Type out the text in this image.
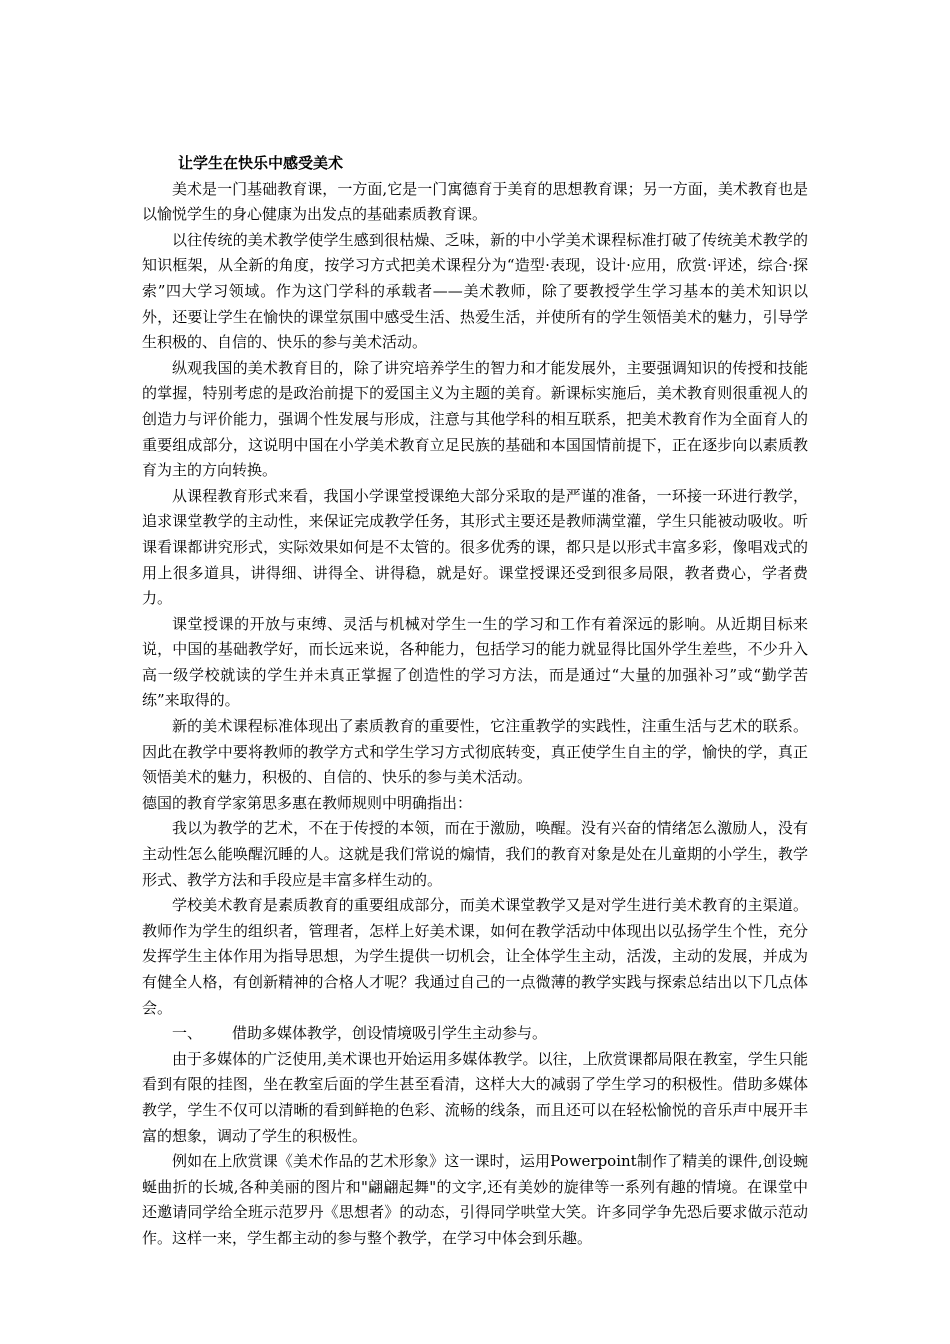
让学生在快乐中感受美术

美术是一门基础教育课，一方面,它是一门寓德育于美育的思想教育课；另一方面，美术教育也是以愉悦学生的身心健康为出发点的基础素质教育课。

以往传统的美术教学使学生感到很枯燥、乏味，新的中小学美术课程标准打破了传统美术教学的知识框架，从全新的角度，按学习方式把美术课程分为“造型·表现，设计·应用，欣赏·评述，综合·探索”四大学习领域。作为这门学科的承载者——美术教师，除了要教授学生学习基本的美术知识以外，还要让学生在愉快的课堂氛围中感受生活、热爱生活，并使所有的学生领悟美术的魅力，引导学生积极的、自信的、快乐的参与美术活动。

纵观我国的美术教育目的，除了讲究培养学生的智力和才能发展外，主要强调知识的传授和技能的掌握，特别考虑的是政治前提下的爱国主义为主题的美育。新课标实施后，美术教育则很重视人的创造力与评价能力，强调个性发展与形成，注意与其他学科的相互联系，把美术教育作为全面育人的重要组成部分，这说明中国在小学美术教育立足民族的基础和本国国情前提下，正在逐步向以素质教育为主的方向转换。

从课程教育形式来看，我国小学课堂授课绝大部分采取的是严谨的准备，一环接一环进行教学，追求课堂教学的主动性，来保证完成教学任务，其形式主要还是教师满堂灌，学生只能被动吸收。听课看课都讲究形式，实际效果如何是不太管的。很多优秀的课，都只是以形式丰富多彩，像唱戏式的用上很多道具，讲得细、讲得全、讲得稳，就是好。课堂授课还受到很多局限，教者费心，学者费力。

课堂授课的开放与束缚、灵活与机械对学生一生的学习和工作有着深远的影响。从近期目标来说，中国的基础教学好，而长远来说，各种能力，包括学习的能力就显得比国外学生差些，不少升入高一级学校就读的学生并未真正掌握了创造性的学习方法，而是通过“大量的加强补习”或“勤学苦练”来取得的。

新的美术课程标准体现出了素质教育的重要性，它注重教学的实践性，注重生活与艺术的联系。因此在教学中要将教师的教学方式和学生学习方式彻底转变，真正使学生自主的学，愉快的学，真正领悟美术的魅力，积极的、自信的、快乐的参与美术活动。

德国的教育学家第思多惠在教师规则中明确指出：

我以为教学的艺术，不在于传授的本领，而在于激励，唤醒。没有兴奋的情绪怎么激励人，没有主动性怎么能唤醒沉睡的人。这就是我们常说的煽情，我们的教育对象是处在儿童期的小学生，教学形式、教学方法和手段应是丰富多样生动的。

学校美术教育是素质教育的重要组成部分，而美术课堂教学又是对学生进行美术教育的主渠道。教师作为学生的组织者，管理者，怎样上好美术课，如何在教学活动中体现出以弘扬学生个性，充分发挥学生主体作用为指导思想，为学生提供一切机会，让全体学生主动，活泼，主动的发展，并成为有健全人格，有创新精神的合格人才呢？我通过自己的一点微薄的教学实践与探索总结出以下几点体会。

一、 借助多媒体教学，创设情境吸引学生主动参与。

由于多媒体的广泛使用,美术课也开始运用多媒体教学。以往，上欣赏课都局限在教室，学生只能看到有限的挂图，坐在教室后面的学生甚至看清，这样大大的减弱了学生学习的积极性。借助多媒体教学，学生不仅可以清晰的看到鲜艳的色彩、流畅的线条，而且还可以在轻松愉悦的音乐声中展开丰富的想象，调动了学生的积极性。

例如在上欣赏课《美术作品的艺术形象》这一课时，运用Powerpoint制作了精美的课件,创设蜿蜒曲折的长城,各种美丽的图片和"翩翩起舞"的文字,还有美妙的旋律等一系列有趣的情境。在课堂中还邀请同学给全班示范罗丹《思想者》的动态，引得同学哄堂大笑。许多同学争先恐后要求做示范动作。这样一来，学生都主动的参与整个教学，在学习中体会到乐趣。
